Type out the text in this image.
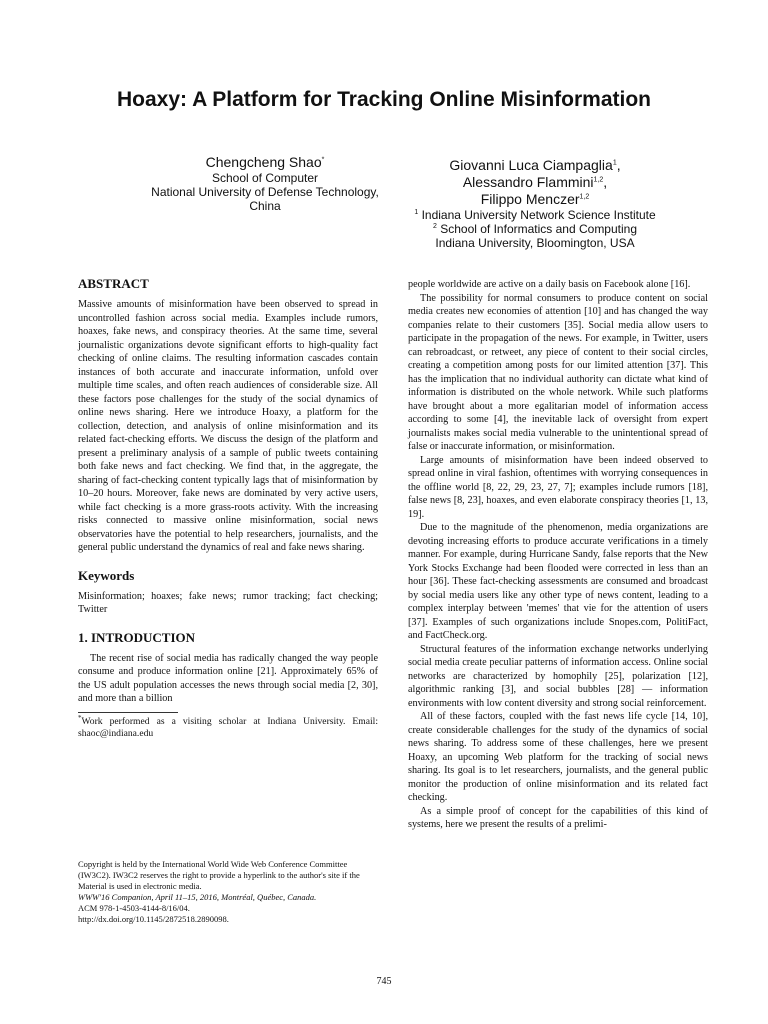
Hoaxy: A Platform for Tracking Online Misinformation
Chengcheng Shao*
School of Computer
National University of Defense Technology,
China
Giovanni Luca Ciampaglia$^1$,
Alessandro Flammini$^{1,2}$,
Filippo Menczer$^{1,2}$
$^1$ Indiana University Network Science Institute
$^2$ School of Informatics and Computing
Indiana University, Bloomington, USA
ABSTRACT

Massive amounts of misinformation have been observed to spread in uncontrolled fashion across social media. Examples include rumors, hoaxes, fake news, and conspiracy theories. At the same time, several journalistic organizations devote significant efforts to high-quality fact checking of online claims. The resulting information cascades contain instances of both accurate and inaccurate information, unfold over multiple time scales, and often reach audiences of considerable size. All these factors pose challenges for the study of the social dynamics of online news sharing. Here we introduce Hoaxy, a platform for the collection, detection, and analysis of online misinformation and its related fact-checking efforts. We discuss the design of the platform and present a preliminary analysis of a sample of public tweets containing both fake news and fact checking. We find that, in the aggregate, the sharing of fact-checking content typically lags that of misinformation by 10–20 hours. Moreover, fake news are dominated by very active users, while fact checking is a more grass-roots activity. With the increasing risks connected to massive online misinformation, social news observatories have the potential to help researchers, journalists, and the general public understand the dynamics of real and fake news sharing.

Keywords

Misinformation; hoaxes; fake news; rumor tracking; fact checking; Twitter

1. INTRODUCTION

The recent rise of social media has radically changed the way people consume and produce information online [21]. Approximately 65% of the US adult population accesses the news through social media [2, 30], and more than a billion

*Work performed as a visiting scholar at Indiana University. Email: shaoc@indiana.edu

Copyright is held by the International World Wide Web Conference Committee (IW3C2). IW3C2 reserves the right to provide a hyperlink to the author's site if the Material is used in electronic media.
WWW'16 Companion, April 11–15, 2016, Montréal, Québec, Canada.
ACM 978-1-4503-4144-8/16/04.
http://dx.doi.org/10.1145/2872518.2890098.

people worldwide are active on a daily basis on Facebook alone [16].

The possibility for normal consumers to produce content on social media creates new economies of attention [10] and has changed the way companies relate to their customers [35]. Social media allow users to participate in the propagation of the news. For example, in Twitter, users can rebroadcast, or retweet, any piece of content to their social circles, creating a competition among posts for our limited attention [37]. This has the implication that no individual authority can dictate what kind of information is distributed on the whole network. While such platforms have brought about a more egalitarian model of information access according to some [4], the inevitable lack of oversight from expert journalists makes social media vulnerable to the unintentional spread of false or inaccurate information, or misinformation.

Large amounts of misinformation have been indeed observed to spread online in viral fashion, oftentimes with worrying consequences in the offline world [8, 22, 29, 23, 27, 7]; examples include rumors [18], false news [8, 23], hoaxes, and even elaborate conspiracy theories [1, 13, 19].

Due to the magnitude of the phenomenon, media organizations are devoting increasing efforts to produce accurate verifications in a timely manner. For example, during Hurricane Sandy, false reports that the New York Stocks Exchange had been flooded were corrected in less than an hour [36]. These fact-checking assessments are consumed and broadcast by social media users like any other type of news content, leading to a complex interplay between 'memes' that vie for the attention of users [37]. Examples of such organizations include Snopes.com, PolitiFact, and FactCheck.org.

Structural features of the information exchange networks underlying social media create peculiar patterns of information access. Online social networks are characterized by homophily [25], polarization [12], algorithmic ranking [3], and social bubbles [28] — information environments with low content diversity and strong social reinforcement.

All of these factors, coupled with the fast news life cycle [14, 10], create considerable challenges for the study of the dynamics of social news sharing. To address some of these challenges, here we present Hoaxy, an upcoming Web platform for the tracking of social news sharing. Its goal is to let researchers, journalists, and the general public monitor the production of online misinformation and its related fact checking.

As a simple proof of concept for the capabilities of this kind of systems, here we present the results of a prelimi-

745
